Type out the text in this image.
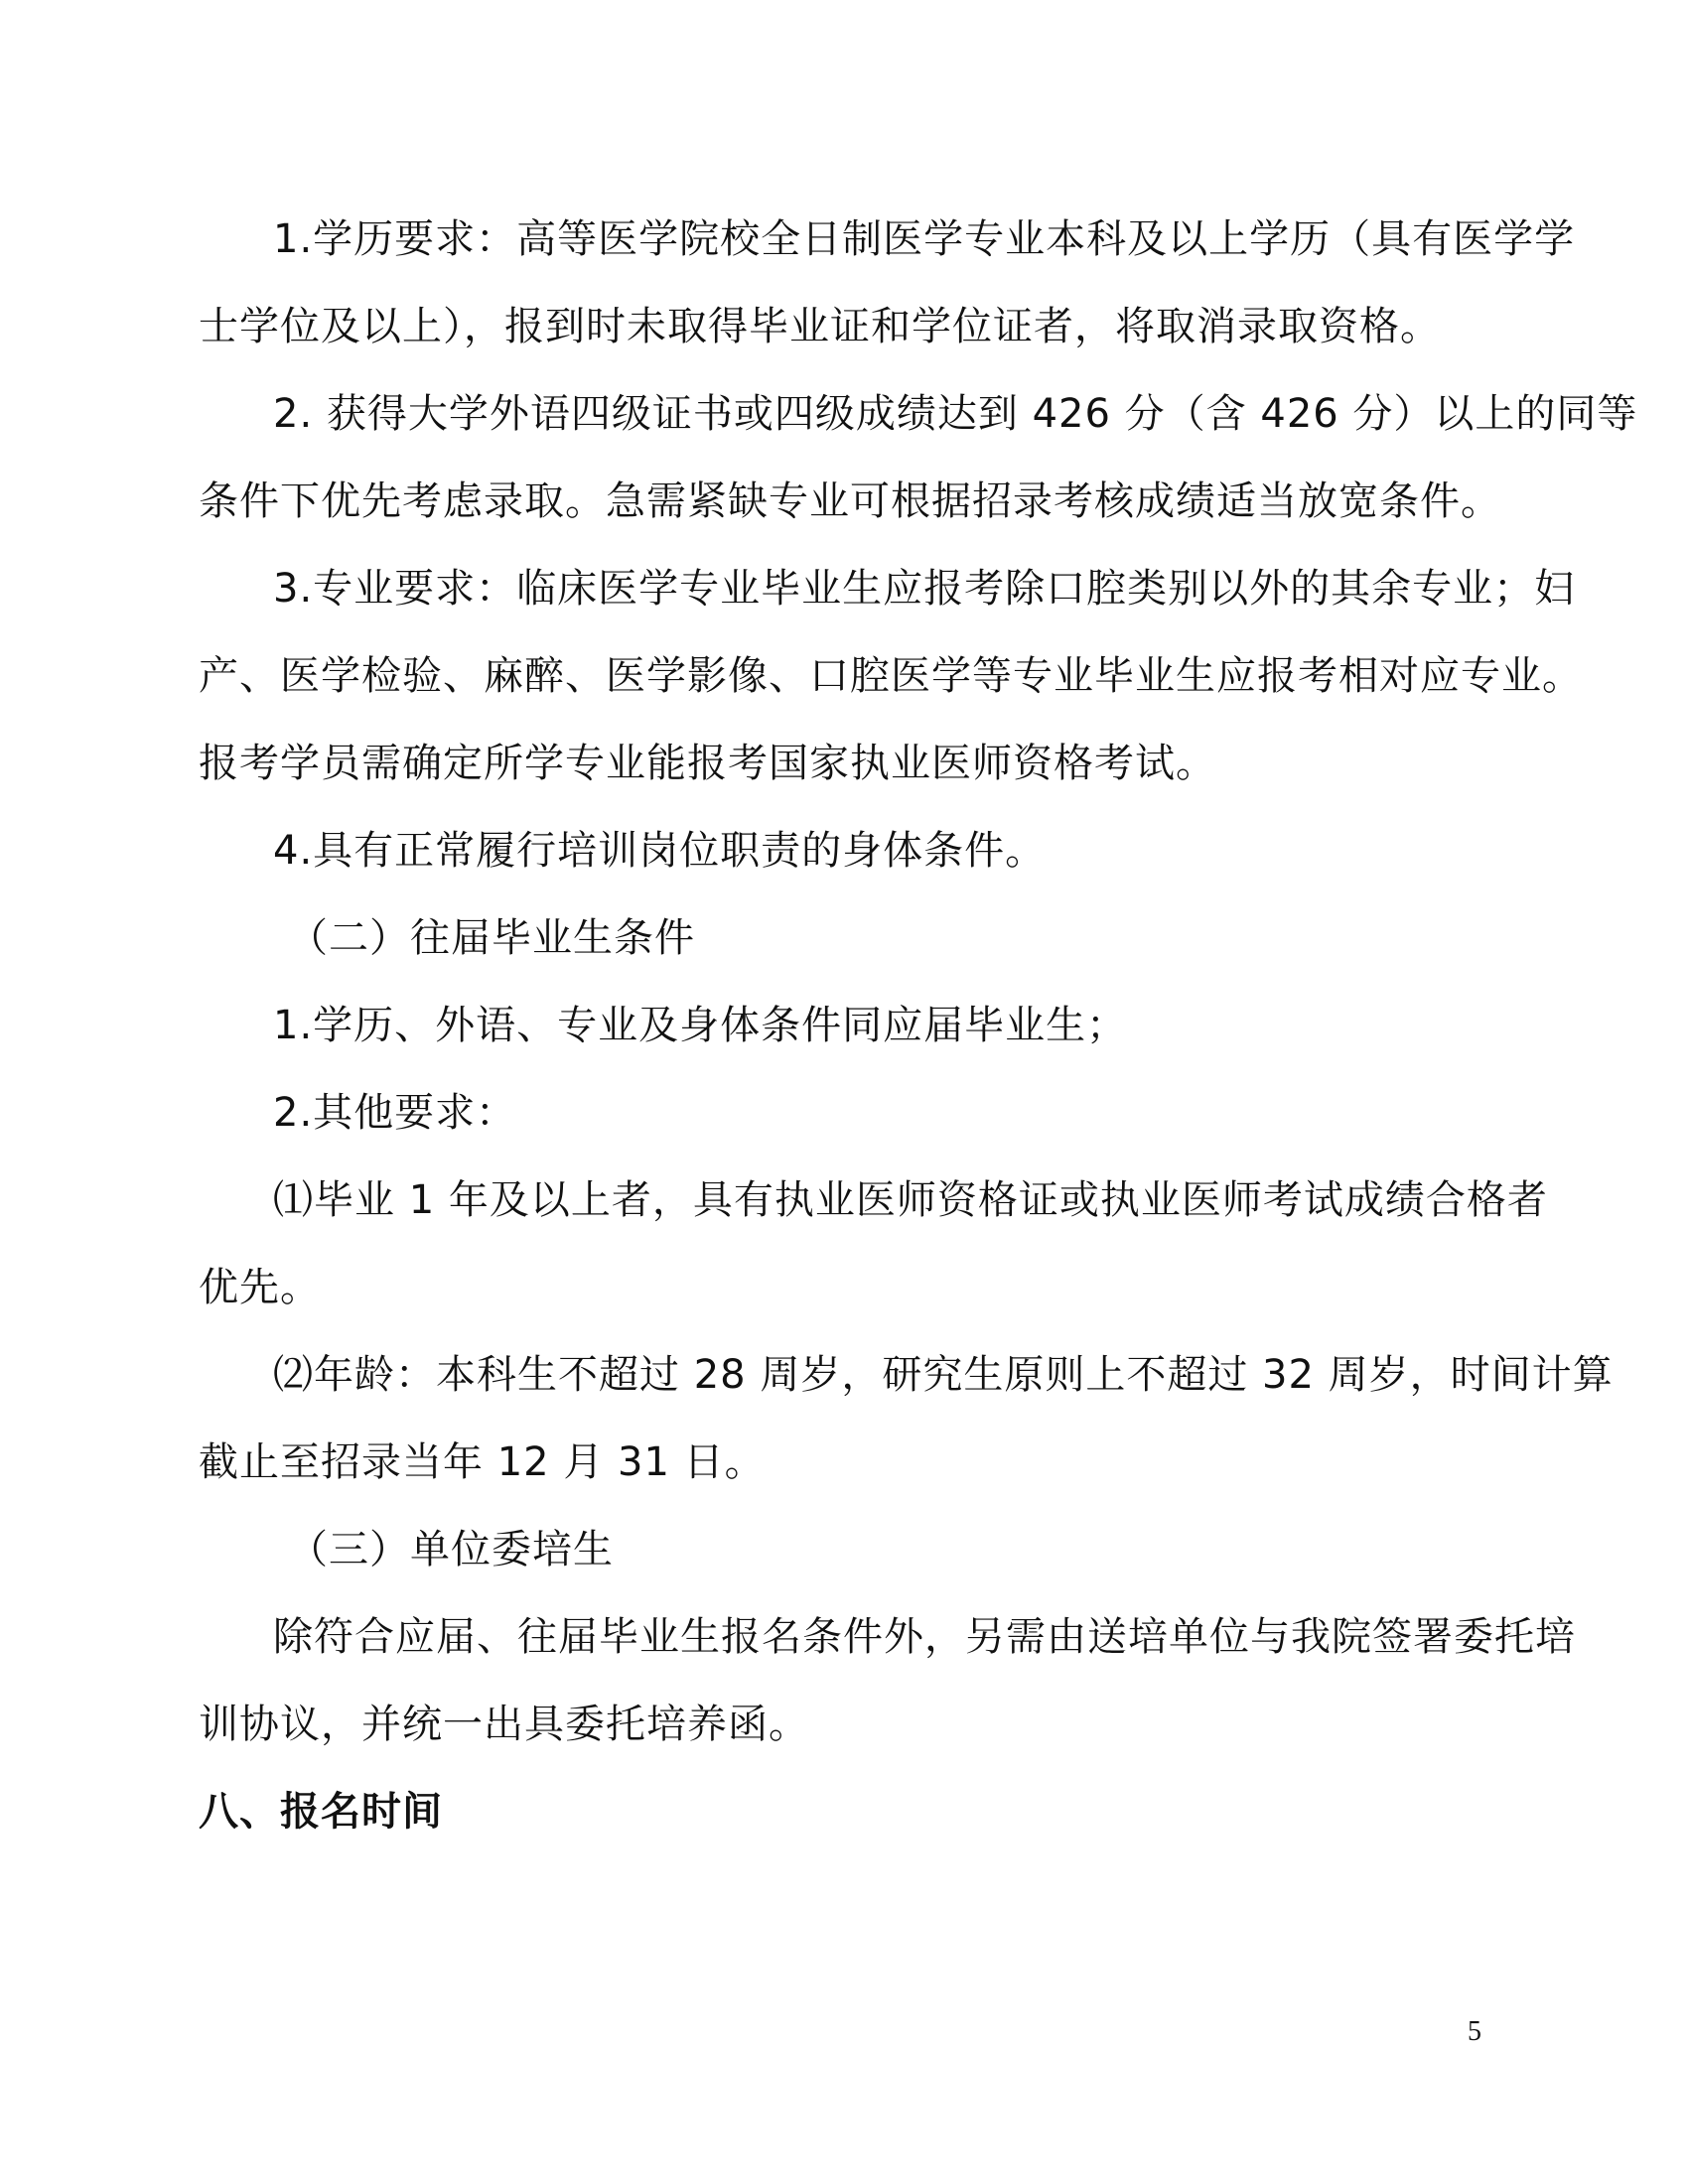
1.学历要求：高等医学院校全日制医学专业本科及以上学历（具有医学学
士学位及以上），报到时未取得毕业证和学位证者，将取消录取资格。
2. 获得大学外语四级证书或四级成绩达到 426 分（含 426 分）以上的同等
条件下优先考虑录取。急需紧缺专业可根据招录考核成绩适当放宽条件。
3.专业要求：临床医学专业毕业生应报考除口腔类别以外的其余专业；妇
产、医学检验、麻醉、医学影像、口腔医学等专业毕业生应报考相对应专业。
报考学员需确定所学专业能报考国家执业医师资格考试。
4.具有正常履行培训岗位职责的身体条件。
（二）往届毕业生条件
1.学历、外语、专业及身体条件同应届毕业生；
2.其他要求：
⑴毕业 1 年及以上者，具有执业医师资格证或执业医师考试成绩合格者
优先。
⑵年龄：本科生不超过 28 周岁，研究生原则上不超过 32 周岁，时间计算
截止至招录当年 12 月 31 日。
（三）单位委培生
除符合应届、往届毕业生报名条件外，另需由送培单位与我院签署委托培
训协议，并统一出具委托培养函。
八、报名时间
5
